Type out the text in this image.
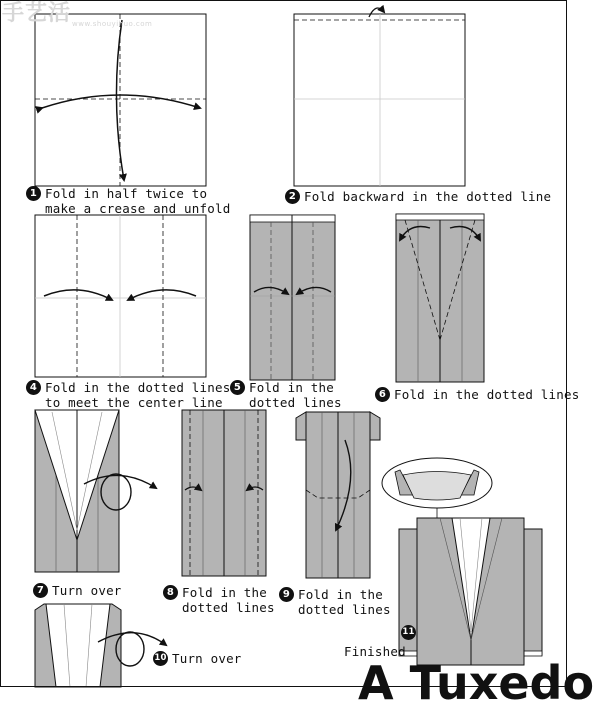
手艺活 www.shouyihuo.com
1 Fold in half twice to
make a crease and unfold
2 Fold backward in the dotted line
4 Fold in the dotted lines
to meet the center line
5 Fold in the
dotted lines
6 Fold in the dotted lines
7 Turn over	8 Fold in the
dotted lines
9 Fold in the
dotted lines
10 Turn over
11

Finished
A Tuxedo
